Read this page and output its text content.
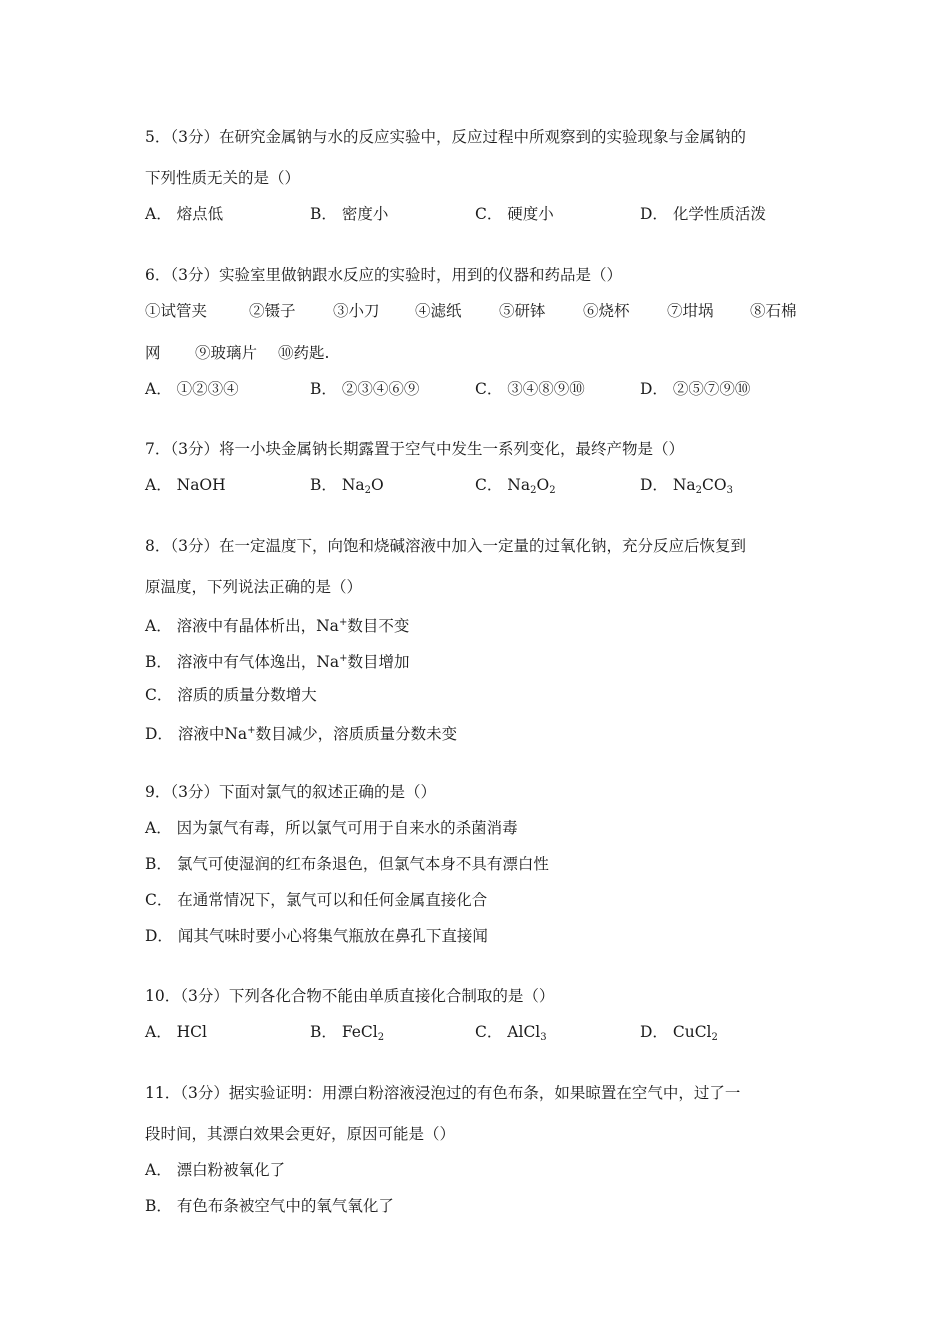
5．（3分）在研究金属钠与水的反应实验中，反应过程中所观察到的实验现象与金属钠的
下列性质无关的是（）
A． 熔点低	B． 密度小	C． 硬度小	D． 化学性质活泼
6．（3分）实验室里做钠跟水反应的实验时，用到的仪器和药品是（）
①试管夹	②镊子 ③小刀 ④滤纸 ⑤研钵 ⑥烧杯 ⑦坩埚 ⑧石棉
网 ⑨玻璃片 ⑩药匙.
A． ①②③④	B． ②③④⑥⑨	C． ③④⑧⑨⑩	D． ②⑤⑦⑨⑩
7．（3分）将一小块金属钠长期露置于空气中发生一系列变化，最终产物是（）
A． NaOH	B． $Na_2O$	C． $Na_2O_2$	D． $Na_2CO_3$
8．（3分）在一定温度下，向饱和烧碱溶液中加入一定量的过氧化钠，充分反应后恢复到
原温度，下列说法正确的是（）
A． 溶液中有晶体析出，Na+数目不变
B． 溶液中有气体逸出，Na+数目增加
C． 溶质的质量分数增大
D． 溶液中Na+数目减少，溶质质量分数未变
9．（3分）下面对氯气的叙述正确的是（）
A． 因为氯气有毒，所以氯气可用于自来水的杀菌消毒
B． 氯气可使湿润的红布条退色，但氯气本身不具有漂白性
C． 在通常情况下，氯气可以和任何金属直接化合
D． 闻其气味时要小心将集气瓶放在鼻孔下直接闻
10．（3分）下列各化合物不能由单质直接化合制取的是（）
A． HCl	B． FeCl$_2$	C． AlCl$_3$	D． CuCl$_2$
11．（3分）据实验证明：用漂白粉溶液浸泡过的有色布条，如果晾置在空气中，过了一
段时间，其漂白效果会更好，原因可能是（）
A． 漂白粉被氧化了
B． 有色布条被空气中的氧气氧化了
